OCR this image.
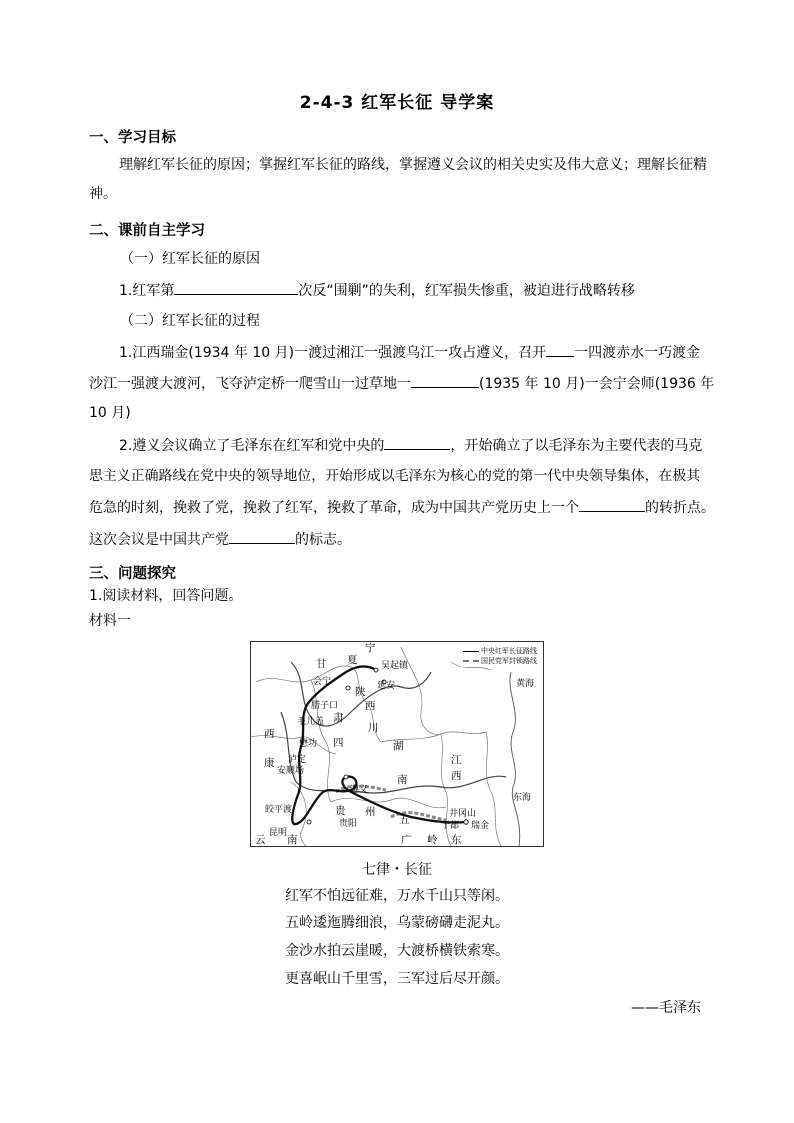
2-4-3 红军长征 导学案
一、学习目标
理解红军长征的原因；掌握红军长征的路线，掌握遵义会议的相关史实及伟大意义；理解长征精
神。
二、课前自主学习
（一）红军长征的原因
1.红军第	次反“围剿”的失利，红军损失惨重，被迫进行战略转移
（二）红军长征的过程
1.江西瑞金(1934 年 10 月)一渡过湘江一强渡乌江一攻占遵义，召开 一四渡赤水一巧渡金
沙江一强渡大渡河，飞夺泸定桥一爬雪山一过草地一	(1935 年 10 月)一会宁会师(1936 年
10 月)
2.遵义会议确立了毛泽东在红军和党中央的	，开始确立了以毛泽东为主要代表的马克
思主义正确路线在党中央的领导地位，开始形成以毛泽东为核心的党的第一代中央领导集体，在极其
危急的时刻，挽救了党，挽救了红军，挽救了革命，成为中国共产党历史上一个	的转折点。
这次会议是中国共产党	的标志。
三、问题探究
1.阅读材料，回答问题。
材料一
中央红军长征路线
国民党军封锁路线
宁
夏
甘
会宁
吴起镇
延安
陕
腊子口
肃
毛儿盖
西
四
川
西
懋功
康 泸定
安顺场
遵义
贵
贵阳
州
湖
南
江
西
井冈山
于都 瑞金
皎平渡
昆明
云 南
五
岭
广	东
黄海
东海
七律・长征
红军不怕远征难，万水千山只等闲。
五岭逶迤腾细浪，乌蒙磅礴走泥丸。
金沙水拍云崖暖，大渡桥横铁索寒。
更喜岷山千里雪，三军过后尽开颜。
——毛泽东
